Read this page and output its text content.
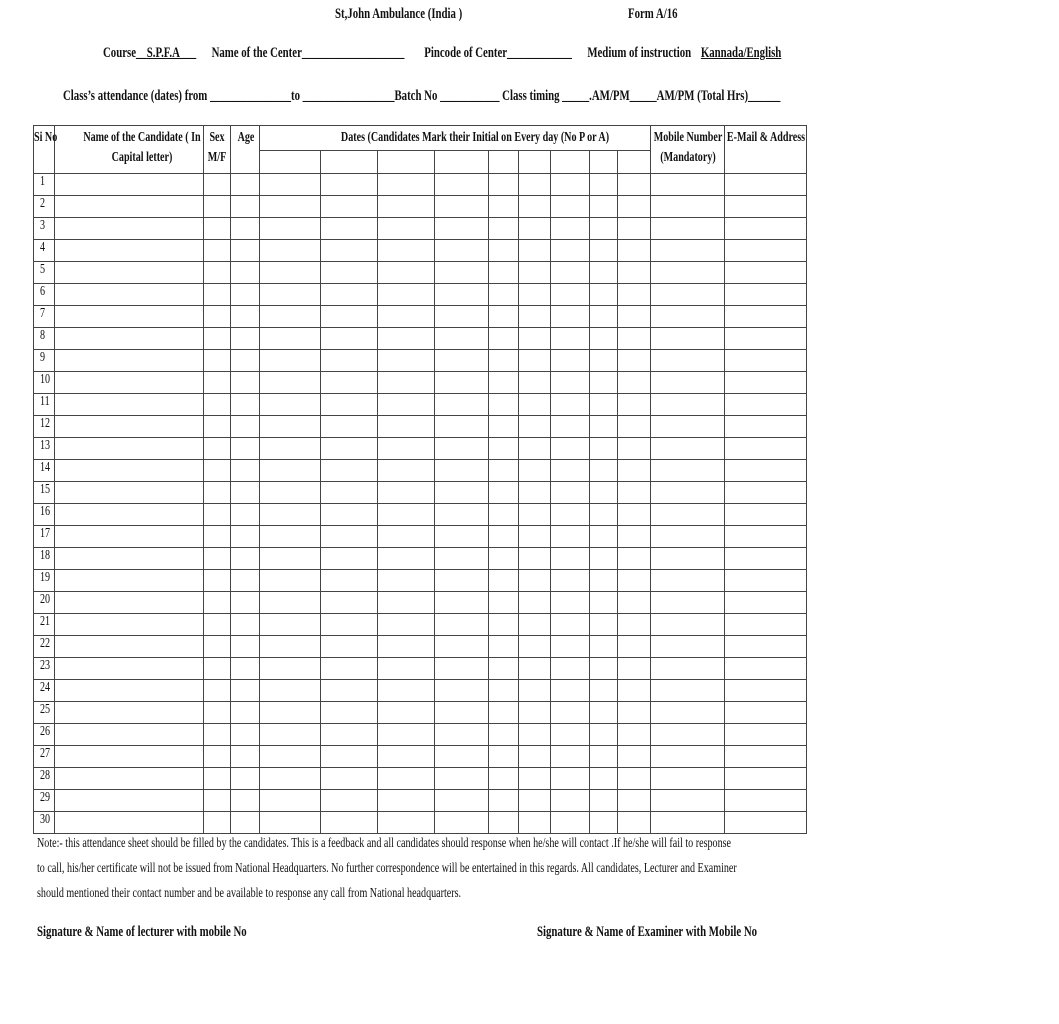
St,John Ambulance (India )	Form A/16
Course__S.P.F.A___ Name of the Center___________________ Pincode of Center____________ Medium of instruction Kannada/English
Class’s attendance (dates) from _______________to _________________Batch No ___________ Class timing _____.AM/PM_____AM/PM (Total Hrs)______
Si No	Name of the Candidate ( In Capital letter)	Sex M/F	Age	Dates (Candidates Mark their Initial on Every day (No P or A)									Mobile Number (Mandatory)	E-Mail & Address

1														
2														
3														
4														
5														
6														
7														
8														
9														
10														
11														
12														
13														
14														
15														
16														
17														
18														
19														
20														
21														
22														
23														
24														
25														
26														
27														
28														
29														
30														
Note:- this attendance sheet should be filled by the candidates. This is a feedback and all candidates should response when he/she will contact .If he/she will fail to response to call, his/her certificate will not be issued from National Headquarters. No further correspondence will be entertained in this regards. All candidates, Lecturer and Examiner should mentioned their contact number and be available to response any call from National headquarters.
Signature & Name of lecturer with mobile No	Signature & Name of Examiner with Mobile No
